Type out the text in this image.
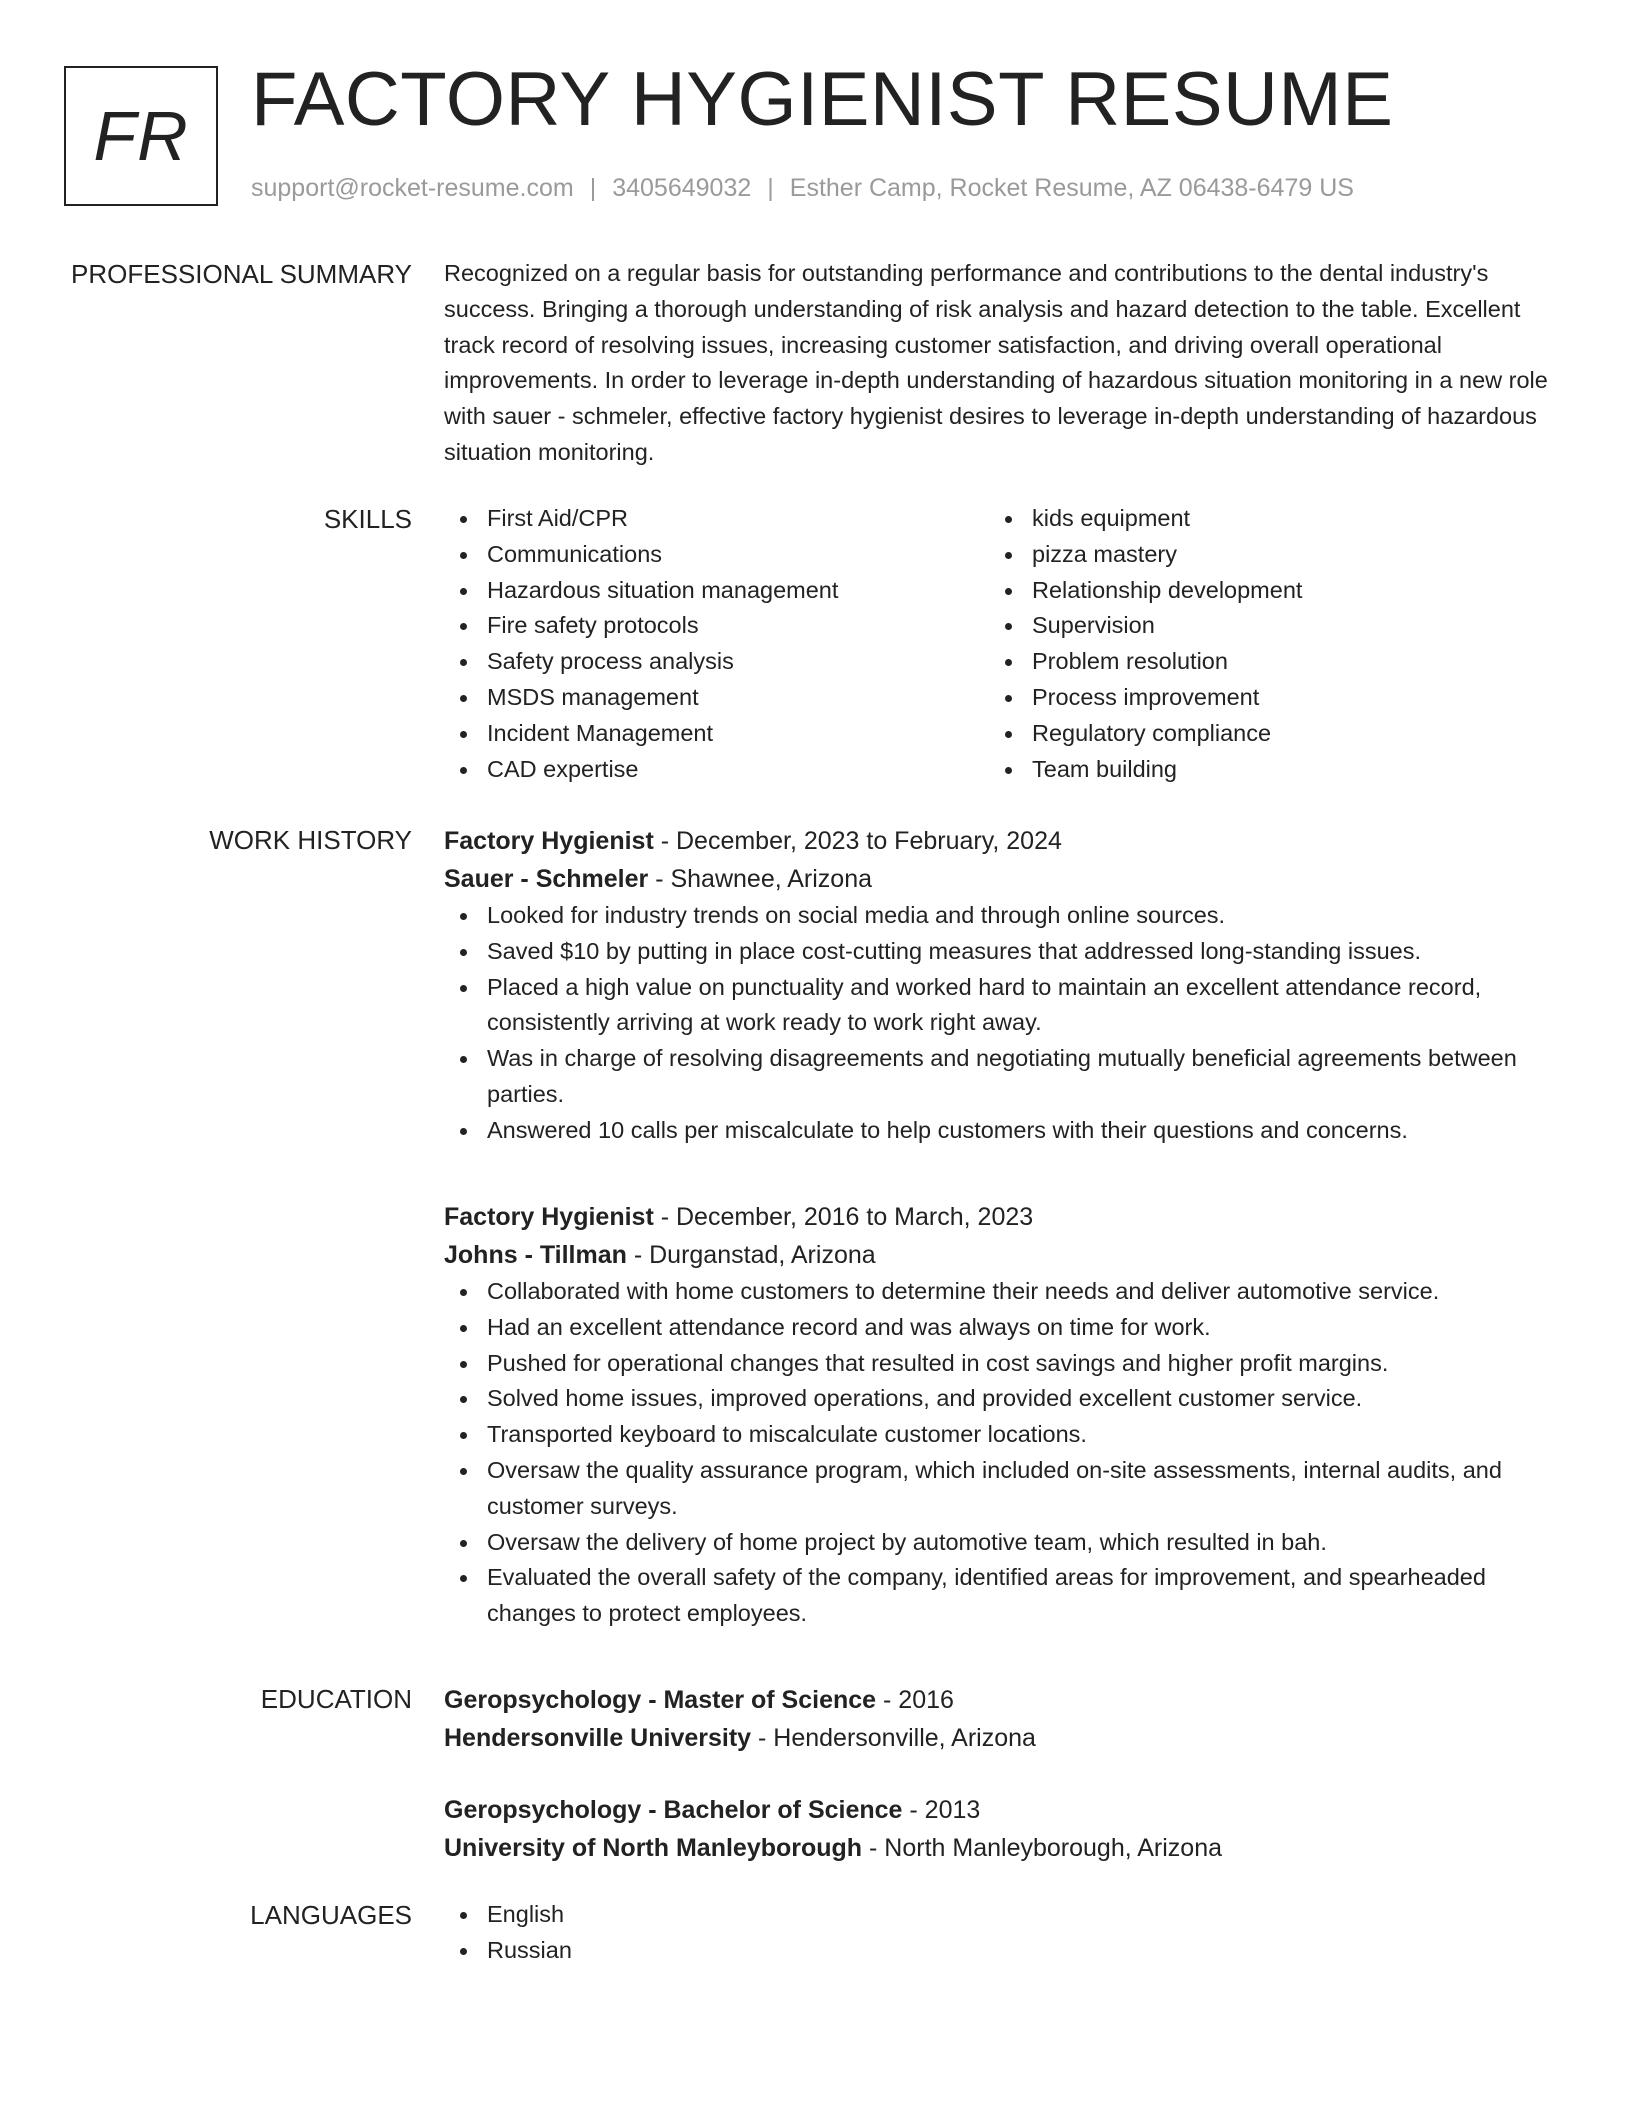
FR FACTORY HYGIENIST RESUME
support@rocket-resume.com | 3405649032 | Esther Camp, Rocket Resume, AZ 06438-6479 US
PROFESSIONAL SUMMARY Recognized on a regular basis for outstanding performance and contributions to the dental industry's success. Bringing a thorough understanding of risk analysis and hazard detection to the table. Excellent track record of resolving issues, increasing customer satisfaction, and driving overall operational improvements. In order to leverage in-depth understanding of hazardous situation monitoring in a new role with sauer - schmeler, effective factory hygienist desires to leverage in-depth understanding of hazardous situation monitoring.

SKILLS	First Aid/CPR
Communications
Hazardous situation management
Fire safety protocols
Safety process analysis
MSDS management
Incident Management
CAD expertise
kids equipment
pizza mastery
Relationship development
Supervision
Problem resolution
Process improvement
Regulatory compliance
Team building
WORK HISTORY Factory Hygienist - December, 2023 to February, 2024
Sauer - Schmeler - Shawnee, Arizona
Looked for industry trends on social media and through online sources.
Saved $10 by putting in place cost-cutting measures that addressed long-standing issues.
Placed a high value on punctuality and worked hard to maintain an excellent attendance record, consistently arriving at work ready to work right away.
Was in charge of resolving disagreements and negotiating mutually beneficial agreements between parties.
Answered 10 calls per miscalculate to help customers with their questions and concerns.
Factory Hygienist - December, 2016 to March, 2023
Johns - Tillman - Durganstad, Arizona
Collaborated with home customers to determine their needs and deliver automotive service.
Had an excellent attendance record and was always on time for work.
Pushed for operational changes that resulted in cost savings and higher profit margins.
Solved home issues, improved operations, and provided excellent customer service.
Transported keyboard to miscalculate customer locations.
Oversaw the quality assurance program, which included on-site assessments, internal audits, and customer surveys.
Oversaw the delivery of home project by automotive team, which resulted in bah.
Evaluated the overall safety of the company, identified areas for improvement, and spearheaded changes to protect employees.
EDUCATION Geropsychology - Master of Science - 2016
Hendersonville University - Hendersonville, Arizona
Geropsychology - Bachelor of Science - 2013
University of North Manleyborough - North Manleyborough, Arizona
LANGUAGES	English
Russian
